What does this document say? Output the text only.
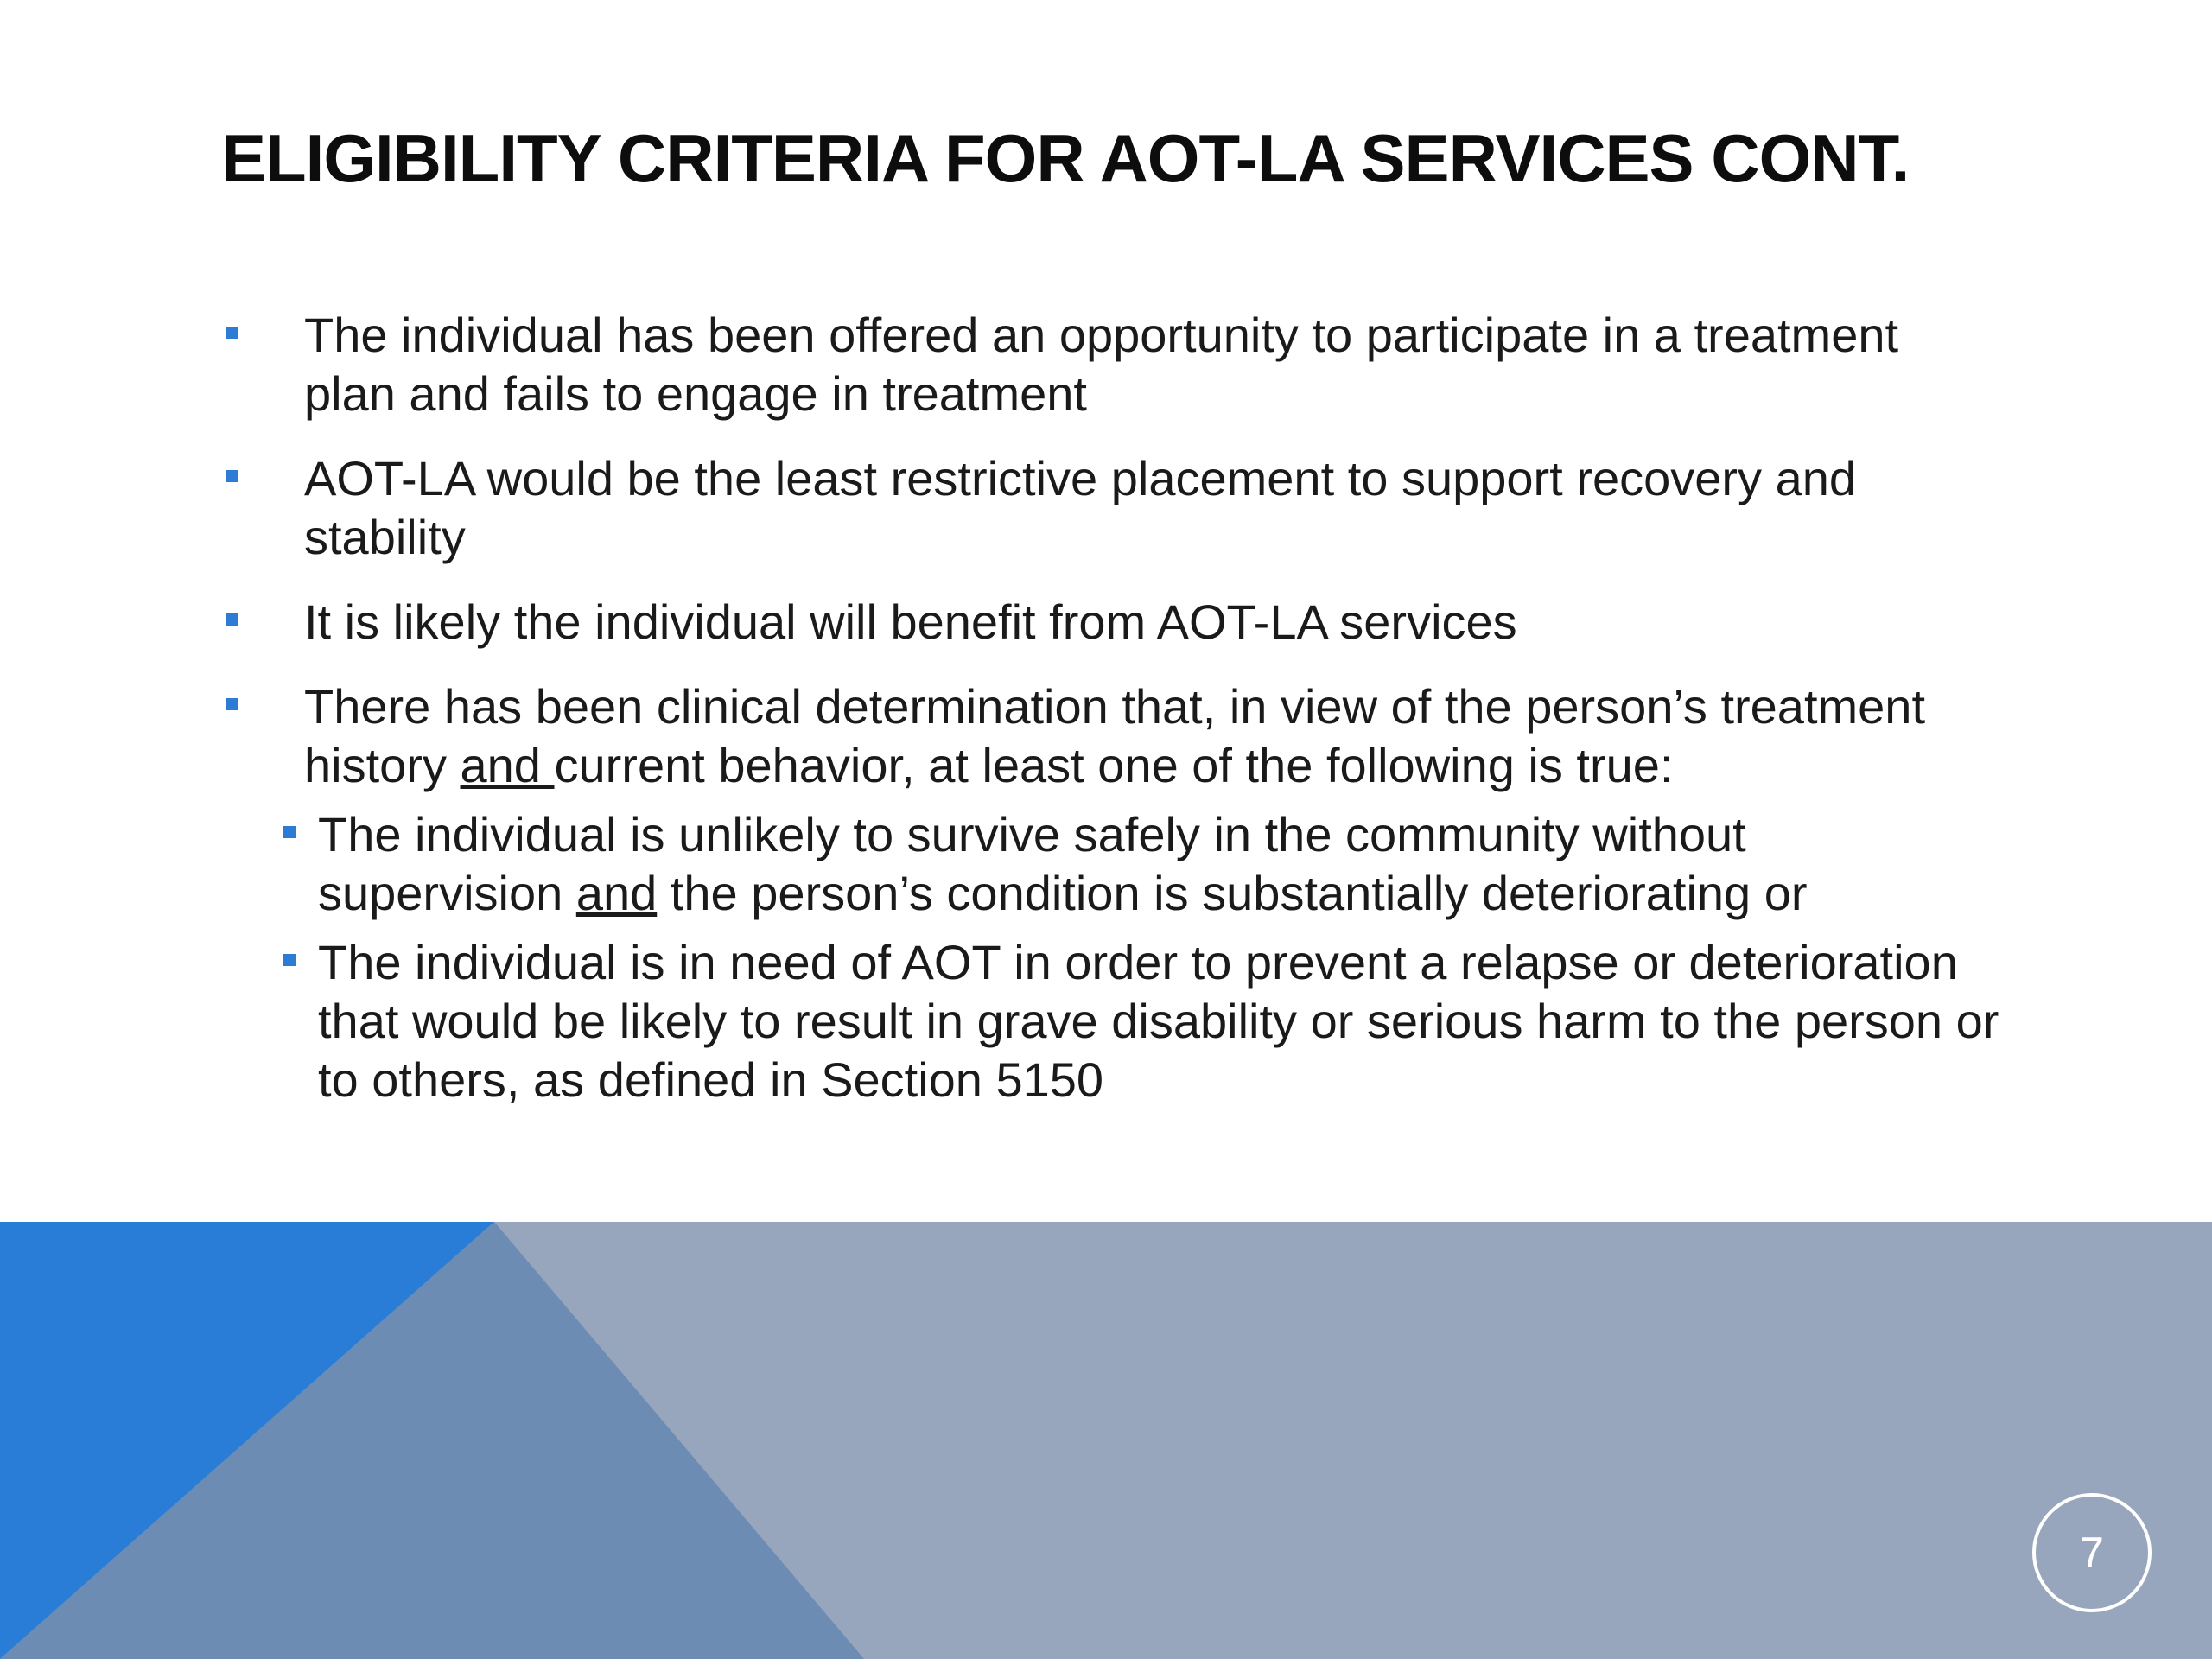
ELIGIBILITY CRITERIA FOR AOT-LA SERVICES CONT.
The individual has been offered an opportunity to participate in a treatment plan and fails to engage in treatment
AOT-LA would be the least restrictive placement to support recovery and stability
It is likely the individual will benefit from AOT-LA services
There has been clinical determination that, in view of the person’s treatment history and current behavior, at least one of the following is true:
The individual is unlikely to survive safely in the community without supervision and the person’s condition is substantially deteriorating or
The individual is in need of AOT in order to prevent a relapse or deterioration that would be likely to result in grave disability or serious harm to the person or to others, as defined in Section 5150
7
